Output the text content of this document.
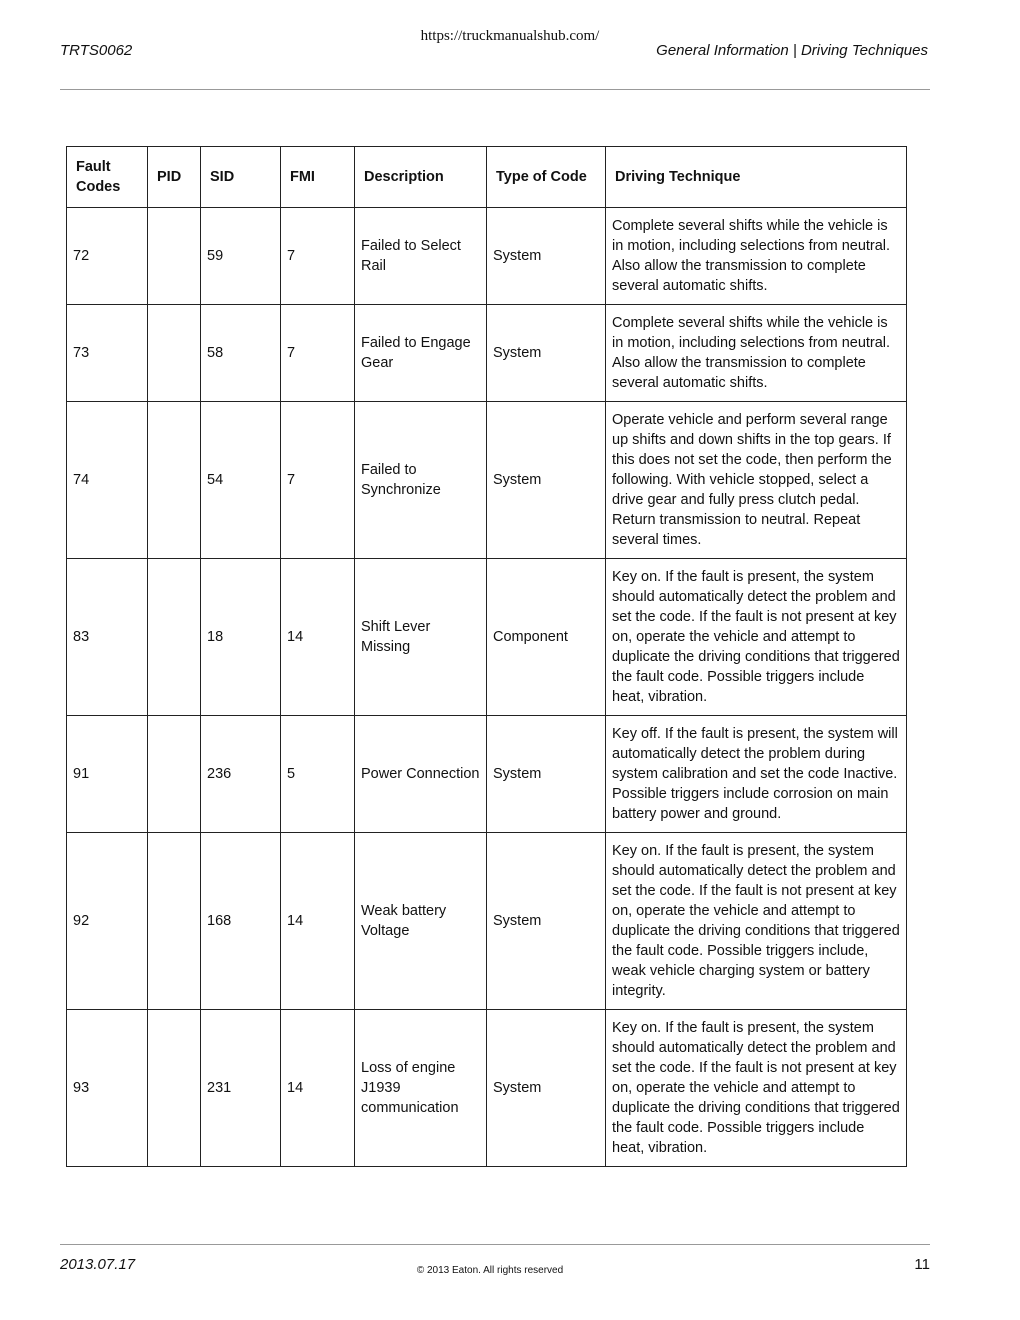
https://truckmanualshub.com/
TRTS0062	General Information | Driving Techniques
Fault Codes	PID	SID	FMI	Description	Type of Code	Driving Technique
72		59	7	Failed to Select Rail	System	Complete several shifts while the vehicle is in motion, including selections from neutral. Also allow the transmission to complete several automatic shifts.
73		58	7	Failed to Engage Gear	System	Complete several shifts while the vehicle is in motion, including selections from neutral. Also allow the transmission to complete several automatic shifts.
74		54	7	Failed to Synchronize	System	Operate vehicle and perform several range up shifts and down shifts in the top gears. If this does not set the code, then perform the following. With vehicle stopped, select a drive gear and fully press clutch pedal. Return transmission to neutral. Repeat several times.
83		18	14	Shift Lever Missing	Component	Key on. If the fault is present, the system should automatically detect the problem and set the code. If the fault is not present at key on, operate the vehicle and attempt to duplicate the driving conditions that triggered the fault code. Possible triggers include heat, vibration.
91		236	5	Power Connection	System	Key off. If the fault is present, the system will automatically detect the problem during system calibration and set the code Inactive. Possible triggers include corrosion on main battery power and ground.
92		168	14	Weak battery Voltage	System	Key on. If the fault is present, the system should automatically detect the problem and set the code. If the fault is not present at key on, operate the vehicle and attempt to duplicate the driving conditions that triggered the fault code. Possible triggers include, weak vehicle charging system or battery integrity.
93		231	14	Loss of engine J1939 communication	System	Key on. If the fault is present, the system should automatically detect the problem and set the code. If the fault is not present at key on, operate the vehicle and attempt to duplicate the driving conditions that triggered the fault code. Possible triggers include heat, vibration.
2013.07.17	© 2013 Eaton. All rights reserved	11
